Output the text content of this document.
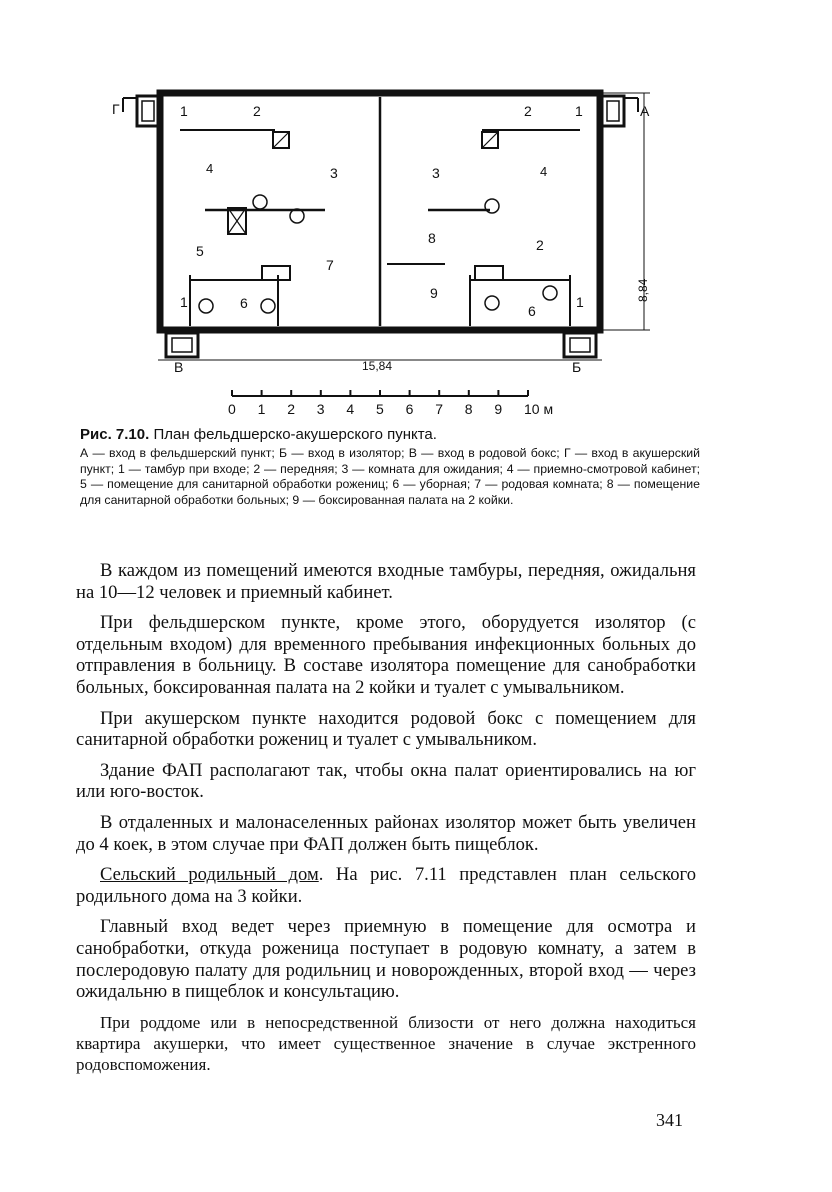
1	2
4	3
5
7
1	6
2	1
3	4
8	2
9
6
1
Г	А
В	Б
15,84
8,84
0 1 2 3 4 5 6 7 8 9 10 м

Рис. 7.10. План фельдшерско-акушерского пункта.

А — вход в фельдшерский пункт; Б — вход в изолятор; В — вход в родовой бокс; Г — вход в акушерский пункт; 1 — тамбур при входе; 2 — передняя; 3 — комната для ожидания; 4 — приемно-смотровой кабинет; 5 — помещение для санитарной обработки рожениц; 6 — уборная; 7 — родовая комната; 8 — помещение для санитарной обработки больных; 9 — боксированная палата на 2 койки.

В каждом из помещений имеются входные тамбуры, передняя, ожидальня на 10—12 человек и приемный кабинет.

При фельдшерском пункте, кроме этого, оборудуется изолятор (с отдельным входом) для временного пребывания инфекционных больных до отправления в больницу. В составе изолятора помещение для санобработки больных, боксированная палата на 2 койки и туалет с умывальником.

При акушерском пункте находится родовой бокс с помещением для санитарной обработки рожениц и туалет с умывальником.

Здание ФАП располагают так, чтобы окна палат ориентировались на юг или юго-восток.

В отдаленных и малонаселенных районах изолятор может быть увеличен до 4 коек, в этом случае при ФАП должен быть пищеблок.

Сельский родильный дом. На рис. 7.11 представлен план сельского родильного дома на 3 койки.

Главный вход ведет через приемную в помещение для осмотра и санобработки, откуда роженица поступает в родовую комнату, а затем в послеродовую палату для родильниц и новорожденных, второй вход — через ожидальню в пищеблок и консультацию.

При роддоме или в непосредственной близости от него должна находиться квартира акушерки, что имеет существенное значение в случае экстренного родовспоможения.

341
